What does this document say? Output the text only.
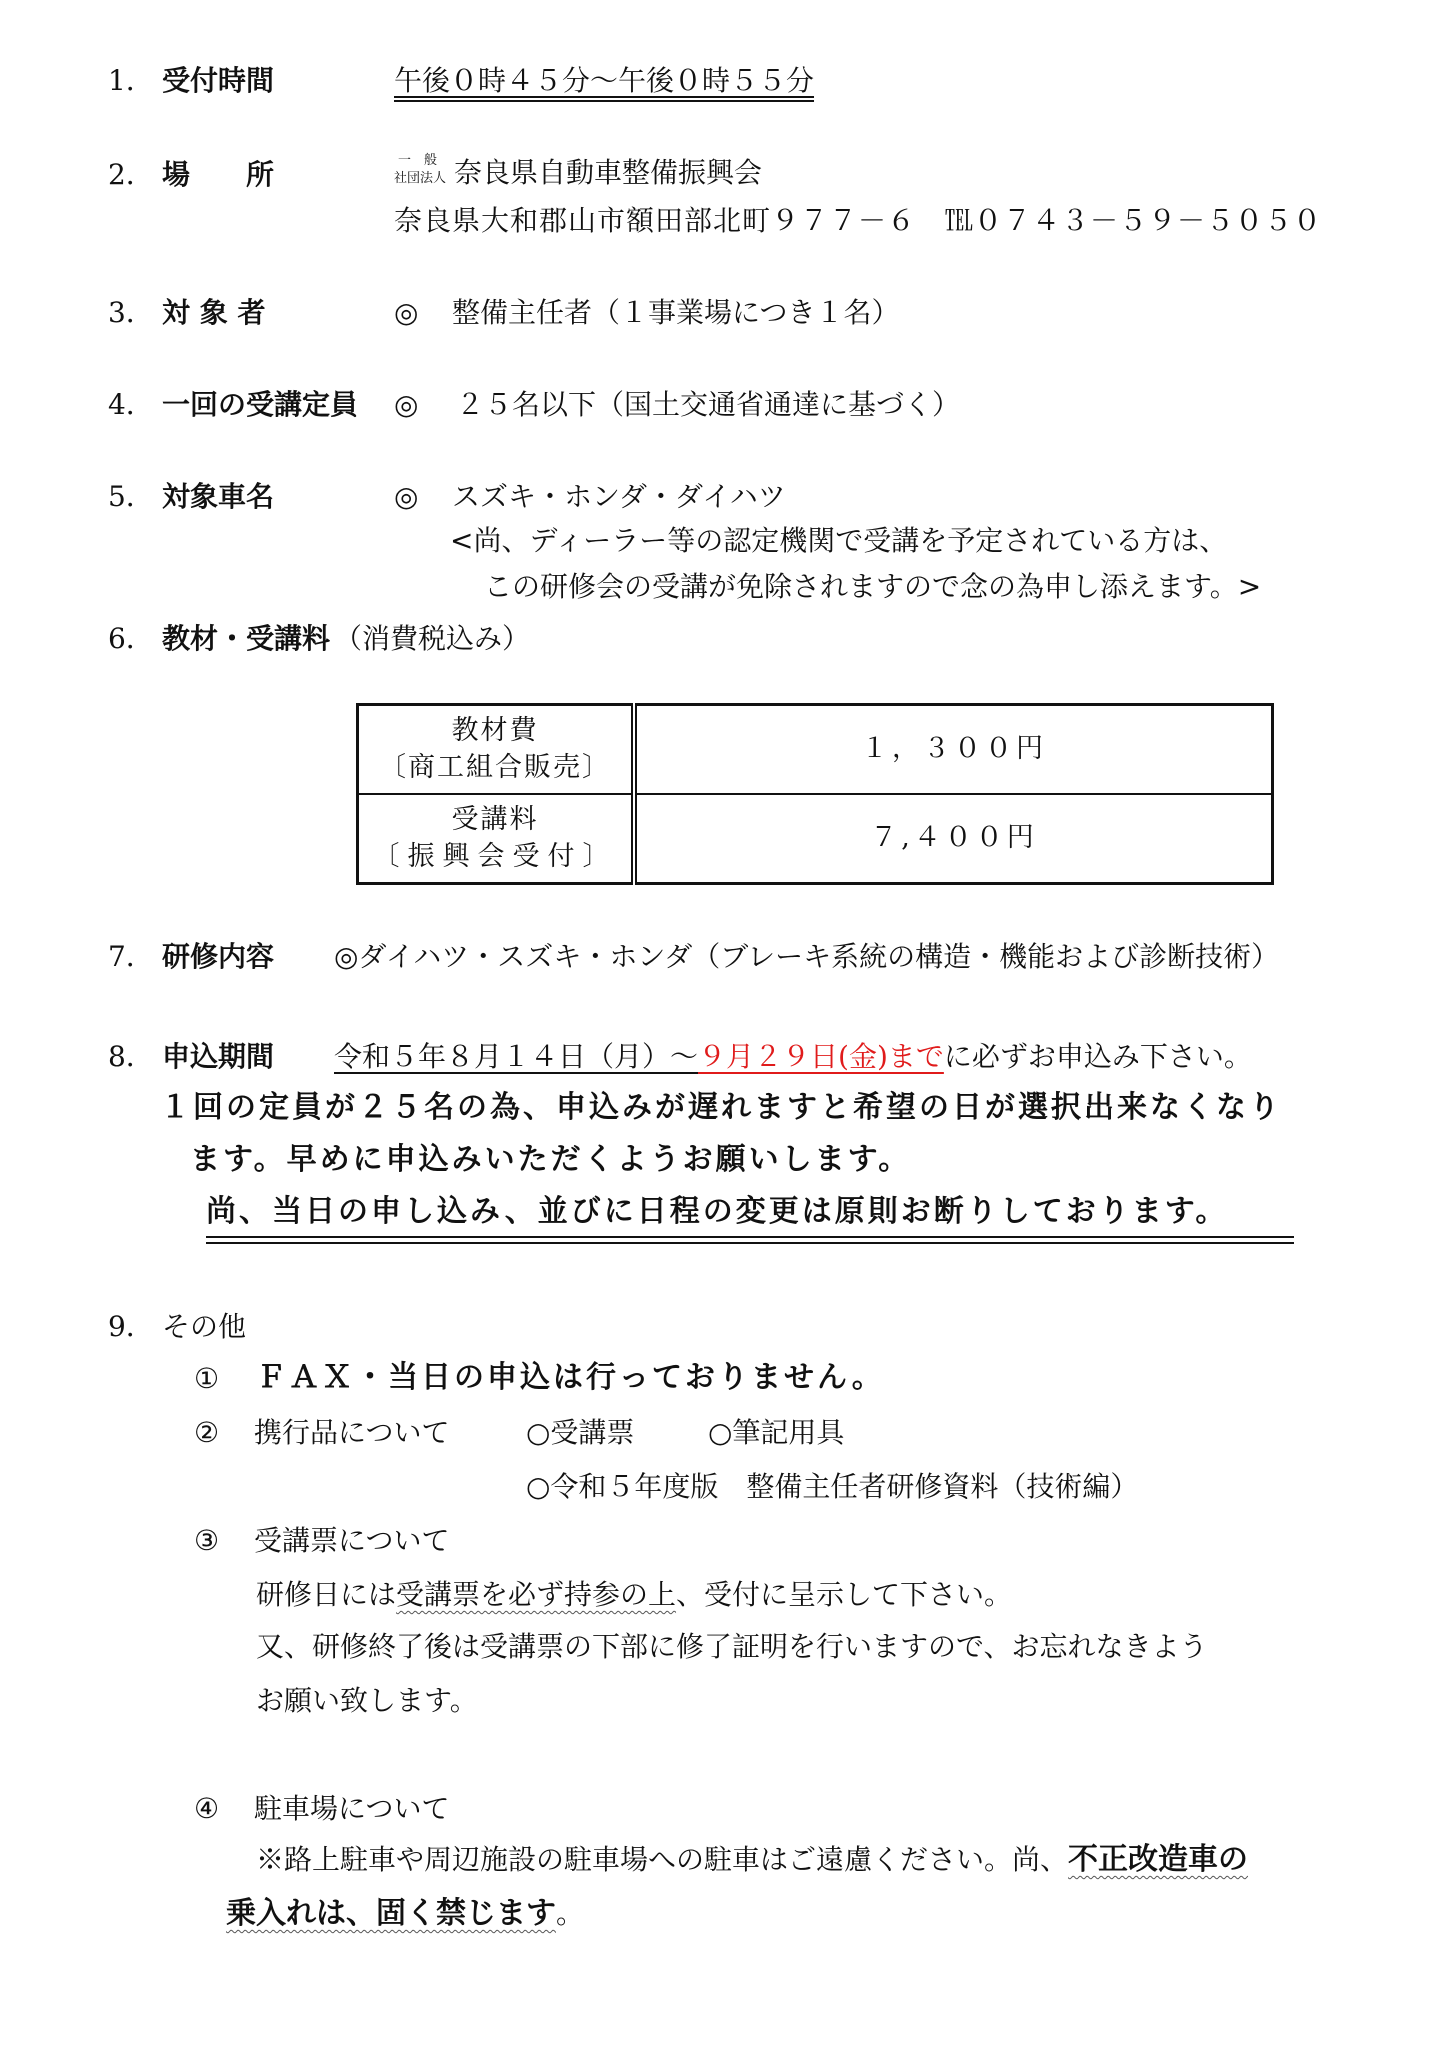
1． 受付時間	午後０時４５分～午後０時５５分
2． 場　　所	一　般
社団法人 奈良県自動車整備振興会
奈良県大和郡山市額田部北町９７７－６　℡０７４３－５９－５０５０
3． 対 象 者	◎ 整備主任者（１事業場につき１名）
4． 一回の受講定員 ◎ ２５名以下（国土交通省通達に基づく）
5． 対象車名	◎ スズキ・ホンダ・ダイハツ
<尚、ディーラー等の認定機関で受講を予定されている方は、
この研修会の受講が免除されますので念の為申し添えます。>
6． 教材・受講料 （消費税込み）
教材費
〔商工組合販売〕	１，３００円

受講料
〔振興会受付〕	７,４００円
7． 研修内容 ◎ダイハツ・スズキ・ホンダ（ブレーキ系統の構造・機能および診断技術）
8． 申込期間 令和５年８月１４日（月）～９月２９日(金)までに必ずお申込み下さい。
１回の定員が２５名の為、申込みが遅れますと希望の日が選択出来なくなり
ます。早めに申込みいただくようお願いします。
尚、当日の申し込み、並びに日程の変更は原則お断りしております。
9． その他
① ＦＡＸ・当日の申込は行っておりません。
② 携行品について	○受講票	○筆記用具
○令和５年度版　整備主任者研修資料（技術編）
③ 受講票について
研修日には受講票を必ず持参の上、受付に呈示して下さい。
又、研修終了後は受講票の下部に修了証明を行いますので、お忘れなきよう
お願い致します。
④ 駐車場について
※路上駐車や周辺施設の駐車場への駐車はご遠慮ください。尚、不正改造車の
乗入れは、固く禁じます。
